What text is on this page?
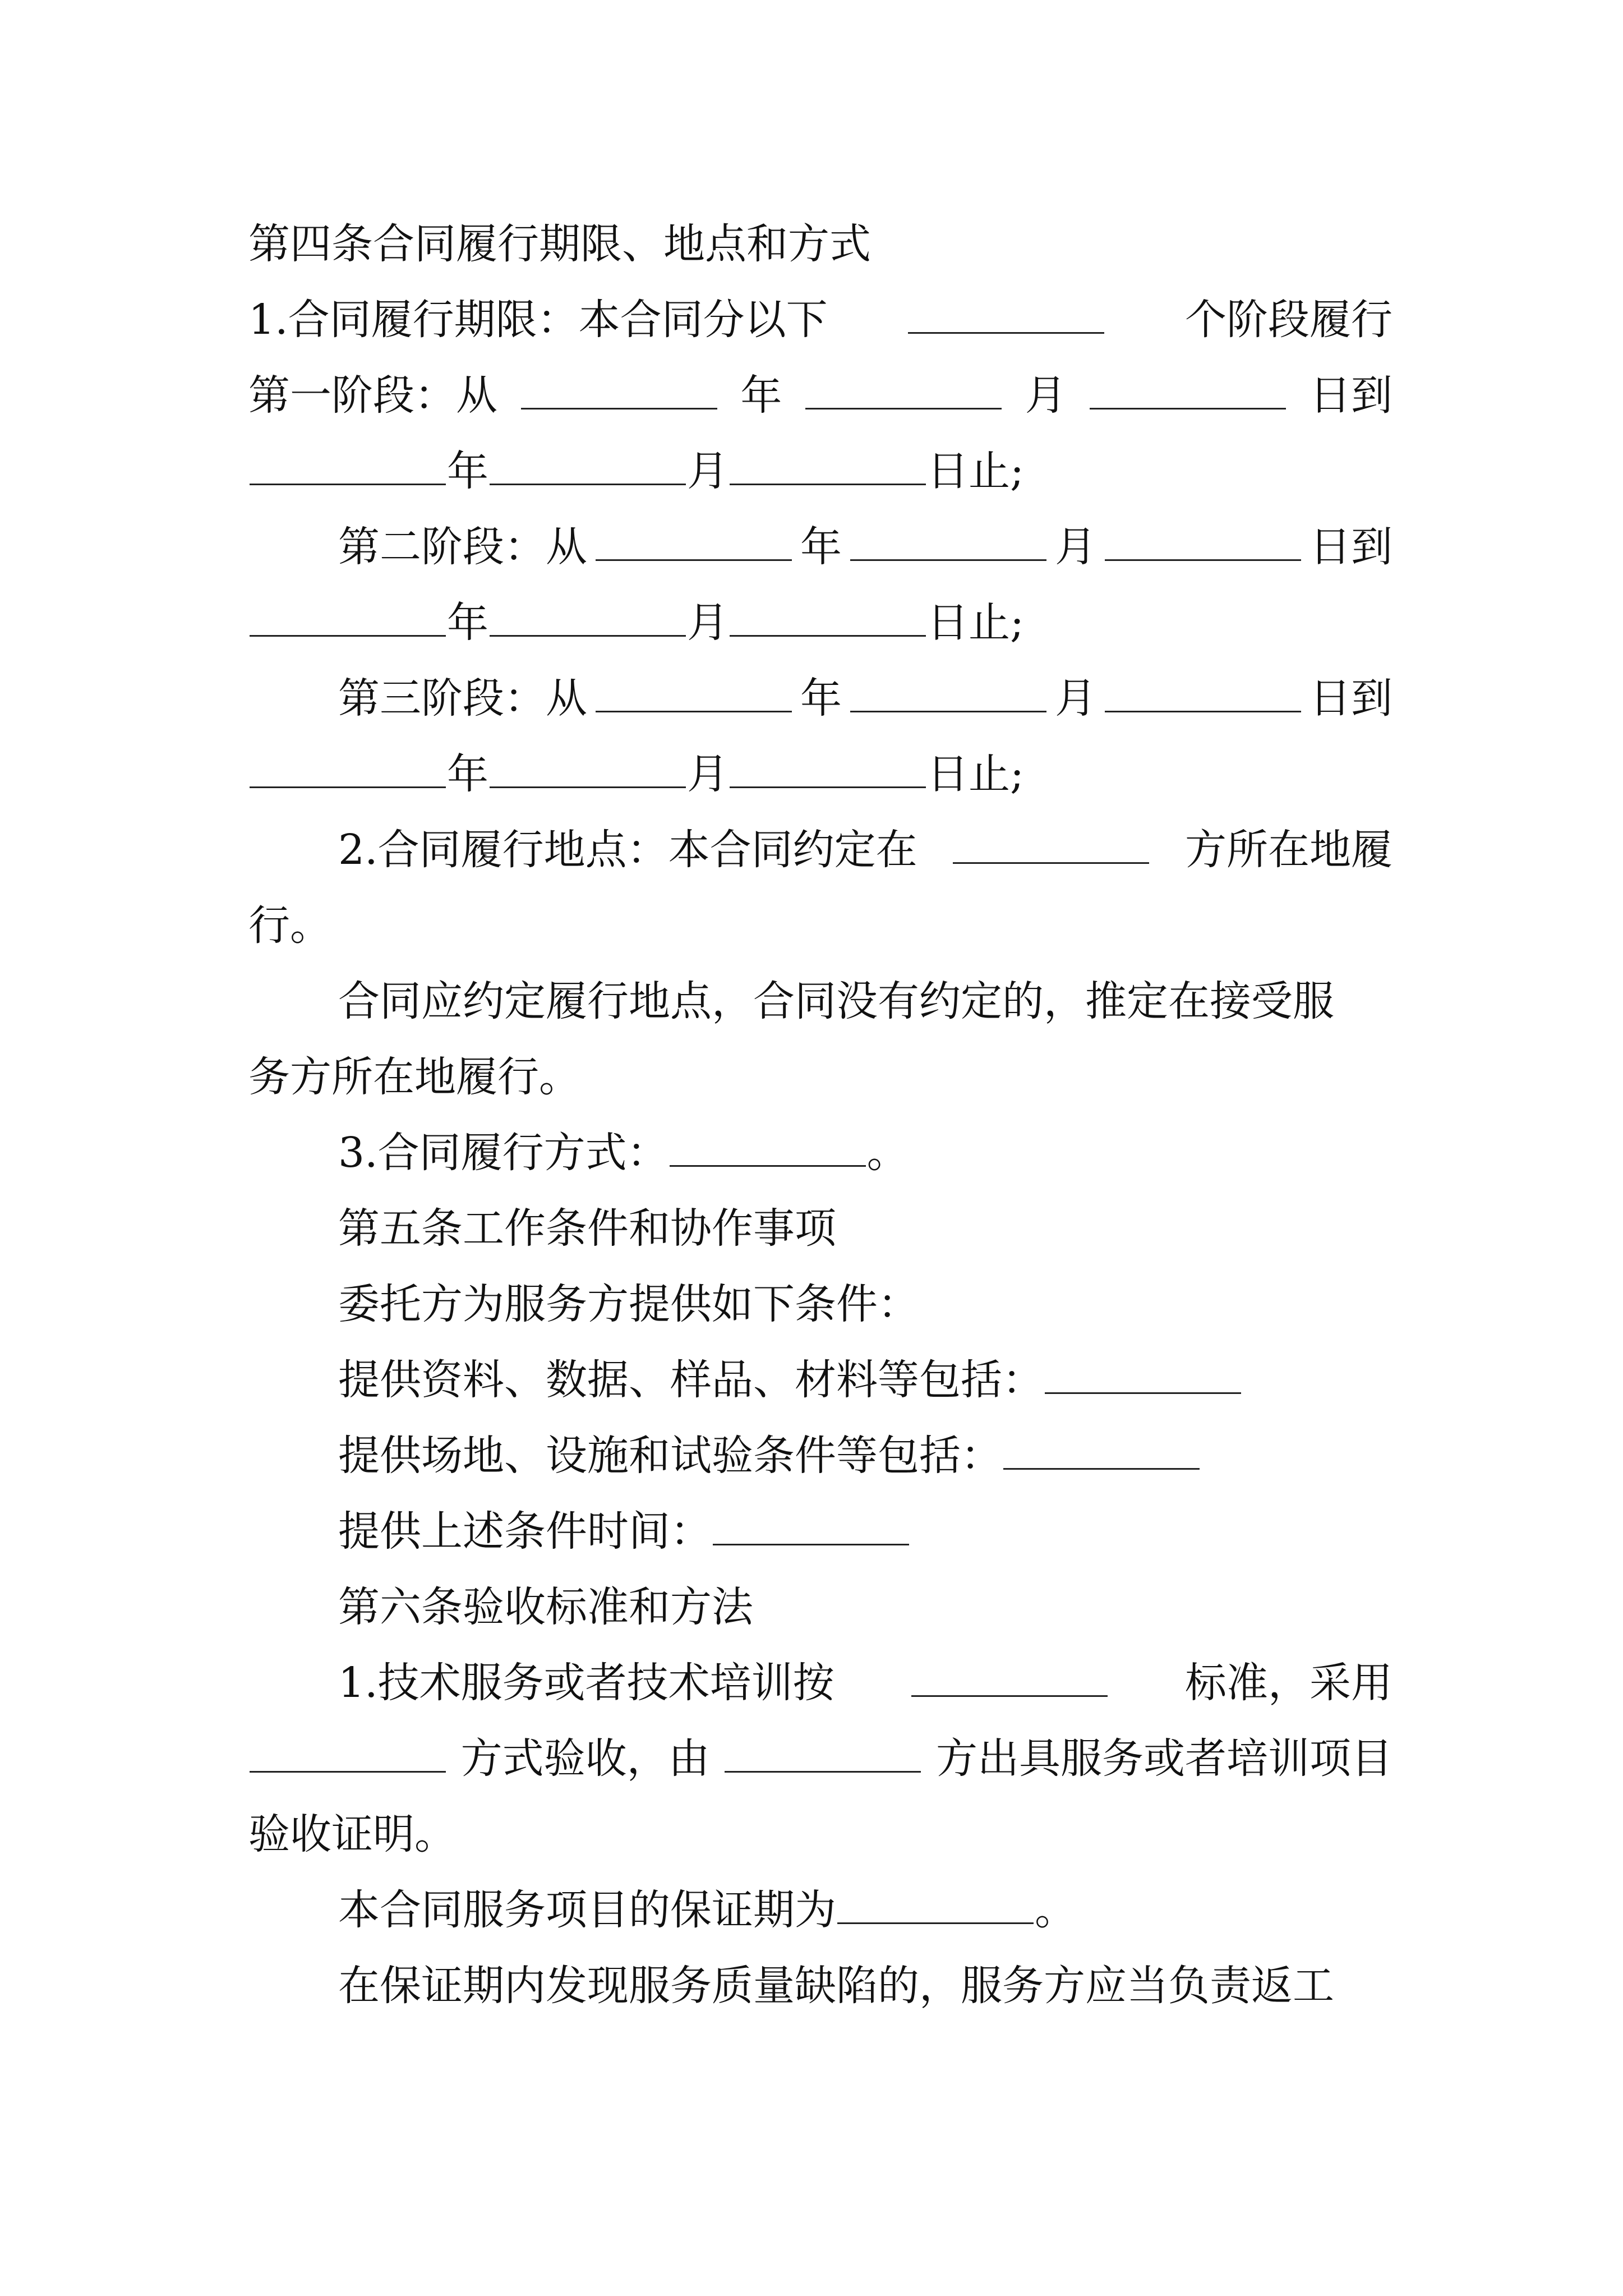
第四条合同履行期限、地点和方式
1.合同履行期限：本合同分以下	个阶段履行
第一阶段：从	年	月	日到
年	月	日止;
第二阶段：从	年	月	日到
年	月	日止;
第三阶段：从	年	月	日到
年	月	日止;
2.合同履行地点：本合同约定在	方所在地履
行。
合同应约定履行地点，合同没有约定的，推定在接受服
务方所在地履行。
3.合同履行方式：	。
第五条工作条件和协作事项
委托方为服务方提供如下条件：
提供资料、数据、样品、材料等包括：
提供场地、设施和试验条件等包括：
提供上述条件时间：
第六条验收标准和方法
1.技术服务或者技术培训按	标准，采用
方式验收，由	方出具服务或者培训项目
验收证明。
本合同服务项目的保证期为	。
在保证期内发现服务质量缺陷的，服务方应当负责返工
